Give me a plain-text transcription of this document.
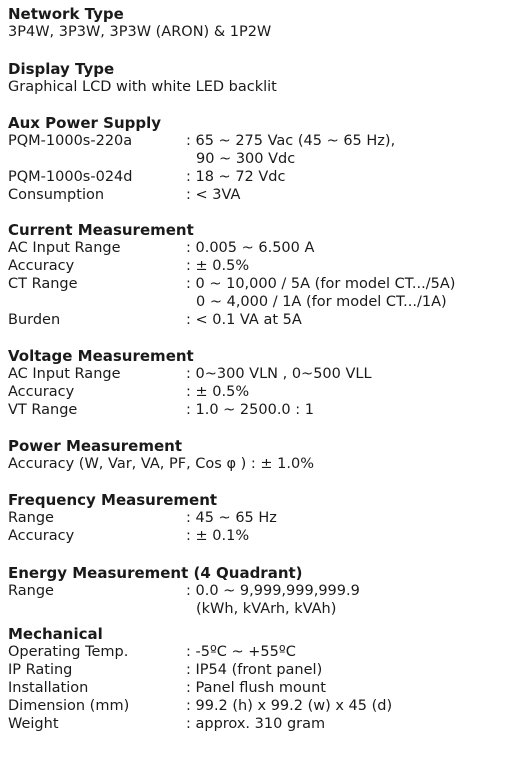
Network Type
3P4W, 3P3W, 3P3W (ARON) & 1P2W
Display Type
Graphical LCD with white LED backlit
Aux Power Supply
PQM-1000s-220a	: 65 ~ 275 Vac (45 ~ 65 Hz),
90 ~ 300 Vdc
PQM-1000s-024d	: 18 ~ 72 Vdc
Consumption	: < 3VA
Current Measurement
AC Input Range	: 0.005 ~ 6.500 A
Accuracy	: ± 0.5%
CT Range	: 0 ~ 10,000 / 5A (for model CT.../5A)
0 ~ 4,000 / 1A (for model CT.../1A)
Burden	: < 0.1 VA at 5A
Voltage Measurement
AC Input Range	: 0~300 VLN , 0~500 VLL
Accuracy	: ± 0.5%
VT Range	: 1.0 ~ 2500.0 : 1
Power Measurement
Accuracy (W, Var, VA, PF, Cos φ ) : ± 1.0%
Frequency Measurement
Range	: 45 ~ 65 Hz
Accuracy	: ± 0.1%
Energy Measurement (4 Quadrant)
Range	: 0.0 ~ 9,999,999,999.9
(kWh, kVArh, kVAh)
Mechanical
Operating Temp.	: -5ºC ~ +55ºC
IP Rating	: IP54 (front panel)
Installation	: Panel flush mount
Dimension (mm)	: 99.2 (h) x 99.2 (w) x 45 (d)
Weight	: approx. 310 gram
